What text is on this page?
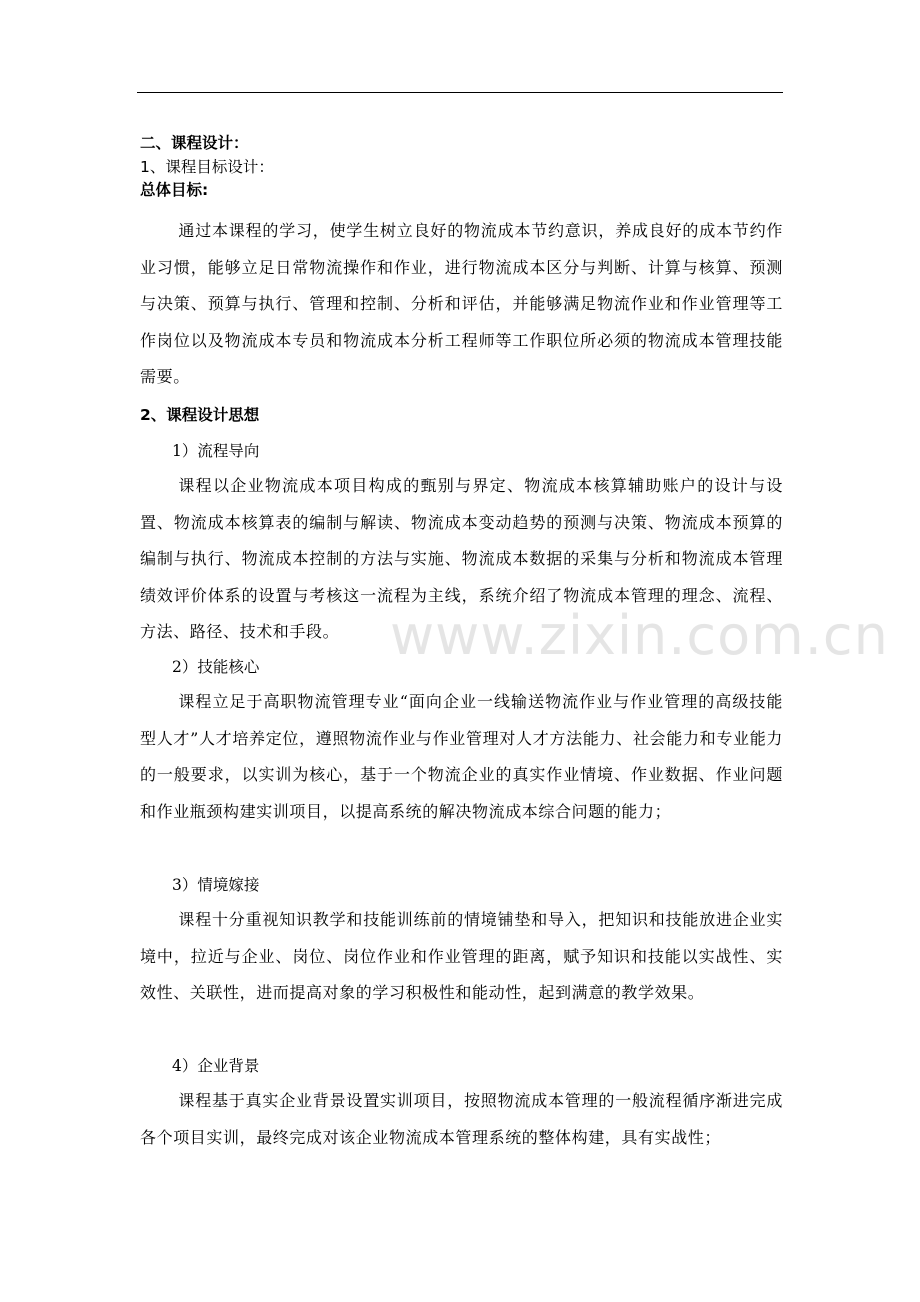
二、课程设计：
1、课程目标设计：
总体目标:

通过本课程的学习，使学生树立良好的物流成本节约意识，养成良好的成本节约作业习惯，能够立足日常物流操作和作业，进行物流成本区分与判断、计算与核算、预测与决策、预算与执行、管理和控制、分析和评估，并能够满足物流作业和作业管理等工作岗位以及物流成本专员和物流成本分析工程师等工作职位所必须的物流成本管理技能需要。

2、课程设计思想
1）流程导向

课程以企业物流成本项目构成的甄别与界定、物流成本核算辅助账户的设计与设置、物流成本核算表的编制与解读、物流成本变动趋势的预测与决策、物流成本预算的编制与执行、物流成本控制的方法与实施、物流成本数据的采集与分析和物流成本管理绩效评价体系的设置与考核这一流程为主线，系统介绍了物流成本管理的理念、流程、方法、路径、技术和手段。

2）技能核心

课程立足于高职物流管理专业“面向企业一线输送物流作业与作业管理的高级技能型人才”人才培养定位，遵照物流作业与作业管理对人才方法能力、社会能力和专业能力的一般要求，以实训为核心，基于一个物流企业的真实作业情境、作业数据、作业问题和作业瓶颈构建实训项目，以提高系统的解决物流成本综合问题的能力；

3）情境嫁接

课程十分重视知识教学和技能训练前的情境铺垫和导入，把知识和技能放进企业实境中，拉近与企业、岗位、岗位作业和作业管理的距离，赋予知识和技能以实战性、实效性、关联性，进而提高对象的学习积极性和能动性，起到满意的教学效果。

4）企业背景

课程基于真实企业背景设置实训项目，按照物流成本管理的一般流程循序渐进完成各个项目实训，最终完成对该企业物流成本管理系统的整体构建，具有实战性；

www.zixin.com.cn
